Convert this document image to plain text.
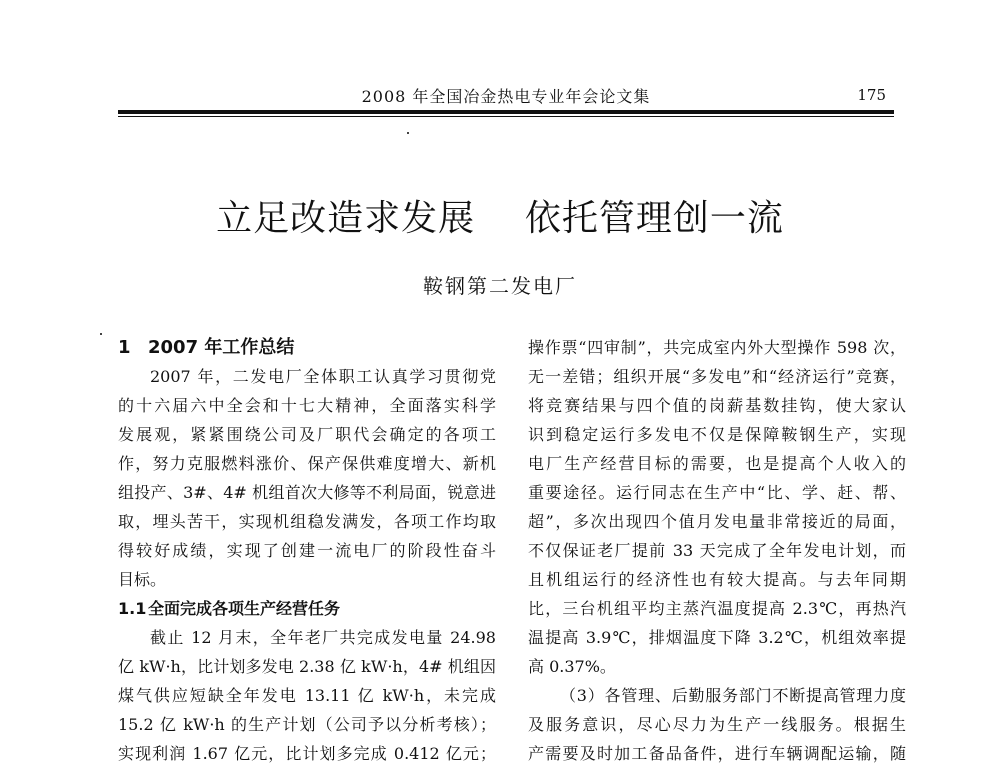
2008 年全国冶金热电专业年会论文集	175
立足改造求发展    依托管理创一流
鞍钢第二发电厂
1 2007 年工作总结
2007 年，二发电厂全体职工认真学习贯彻党
的十六届六中全会和十七大精神，全面落实科学
发展观，紧紧围绕公司及厂职代会确定的各项工
作，努力克服燃料涨价、保产保供难度增大、新机
组投产、3#、4# 机组首次大修等不利局面，锐意进
取，埋头苦干，实现机组稳发满发，各项工作均取
得较好成绩，实现了创建一流电厂的阶段性奋斗
目标。
1.1 全面完成各项生产经营任务
截止 12 月末，全年老厂共完成发电量 24.98
亿 kW·h，比计划多发电 2.38 亿 kW·h，4# 机组因
煤气供应短缺全年发电 13.11 亿 kW·h，未完成
15.2 亿 kW·h 的生产计划（公司予以分析考核）；
实现利润 1.67 亿元，比计划多完成 0.412 亿元；
操作票“四审制”，共完成室内外大型操作 598 次，
无一差错；组织开展“多发电”和“经济运行”竞赛，
将竞赛结果与四个值的岗薪基数挂钩，使大家认
识到稳定运行多发电不仅是保障鞍钢生产，实现
电厂生产经营目标的需要，也是提高个人收入的
重要途径。运行同志在生产中“比、学、赶、帮、
超”，多次出现四个值月发电量非常接近的局面，
不仅保证老厂提前 33 天完成了全年发电计划，而
且机组运行的经济性也有较大提高。与去年同期
比，三台机组平均主蒸汽温度提高 2.3℃，再热汽
温提高 3.9℃，排烟温度下降 3.2℃，机组效率提
高 0.37%。
（3）各管理、后勤服务部门不断提高管理力度
及服务意识，尽心尽力为生产一线服务。根据生
产需要及时加工备品备件，进行车辆调配运输，随
